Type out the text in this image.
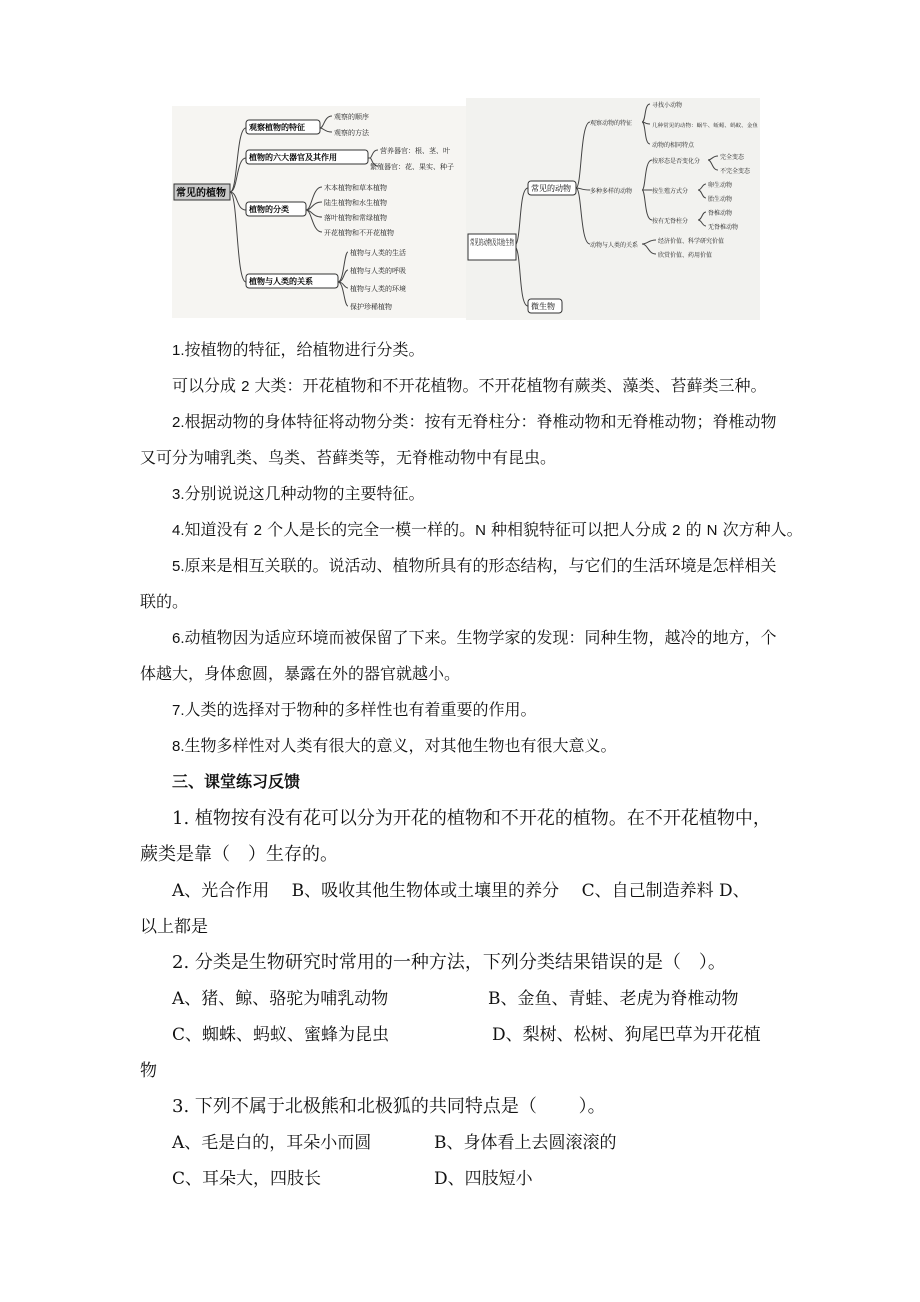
常见的植物
观察植物的特征
植物的六大器官及其作用
植物的分类
植物与人类的关系
观察的顺序
观察的方法
营养器官：根、茎、叶
繁殖器官：花、果实、种子
木本植物和草本植物
陆生植物和水生植物
落叶植物和常绿植物
开花植物和不开花植物
植物与人类的生活
植物与人类的呼吸
植物与人类的环境
保护珍稀植物
常见的动物及其他生物
常见的动物
微生物
观察动物的特征
多种多样的动物
动物与人类的关系
寻找小动物
几种常见的动物：蜗牛、蚯蚓、蚂蚁、金鱼
动物的相同特点
按形态是否变化分
按生殖方式分
按有无脊柱分
完全变态
不完全变态
卵生动物
胎生动物
脊椎动物
无脊椎动物
经济价值、科学研究价值
欣赏价值、药用价值
1.按植物的特征，给植物进行分类。
可以分成 2 大类：开花植物和不开花植物。不开花植物有蕨类、藻类、苔藓类三种。
2.根据动物的身体特征将动物分类：按有无脊柱分：脊椎动物和无脊椎动物；脊椎动物
又可分为哺乳类、鸟类、苔藓类等，无脊椎动物中有昆虫。
3.分别说说这几种动物的主要特征。
4.知道没有 2 个人是长的完全一模一样的。N 种相貌特征可以把人分成 2 的 N 次方种人。
5.原来是相互关联的。说活动、植物所具有的形态结构，与它们的生活环境是怎样相关
联的。
6.动植物因为适应环境而被保留了下来。生物学家的发现：同种生物，越冷的地方，个
体越大，身体愈圆，暴露在外的器官就越小。
7.人类的选择对于物种的多样性也有着重要的作用。
8.生物多样性对人类有很大的意义，对其他生物也有很大意义。
三、课堂练习反馈
1. 植物按有没有花可以分为开花的植物和不开花的植物。在不开花植物中，
蕨类是靠（　）生存的。
A、光合作用　 B、吸收其他生物体或土壤里的养分　 C、自己制造养料 D、
以上都是
2. 分类是生物研究时常用的一种方法，下列分类结果错误的是（　）。
A、猪、鲸、骆驼为哺乳动物	B、金鱼、青蛙、老虎为脊椎动物
C、蜘蛛、蚂蚁、蜜蜂为昆虫	D、梨树、松树、狗尾巴草为开花植
物
3. 下列不属于北极熊和北极狐的共同特点是（　　 ）。
A、毛是白的，耳朵小而圆	B、身体看上去圆滚滚的
C、耳朵大，四肢长	D、四肢短小
